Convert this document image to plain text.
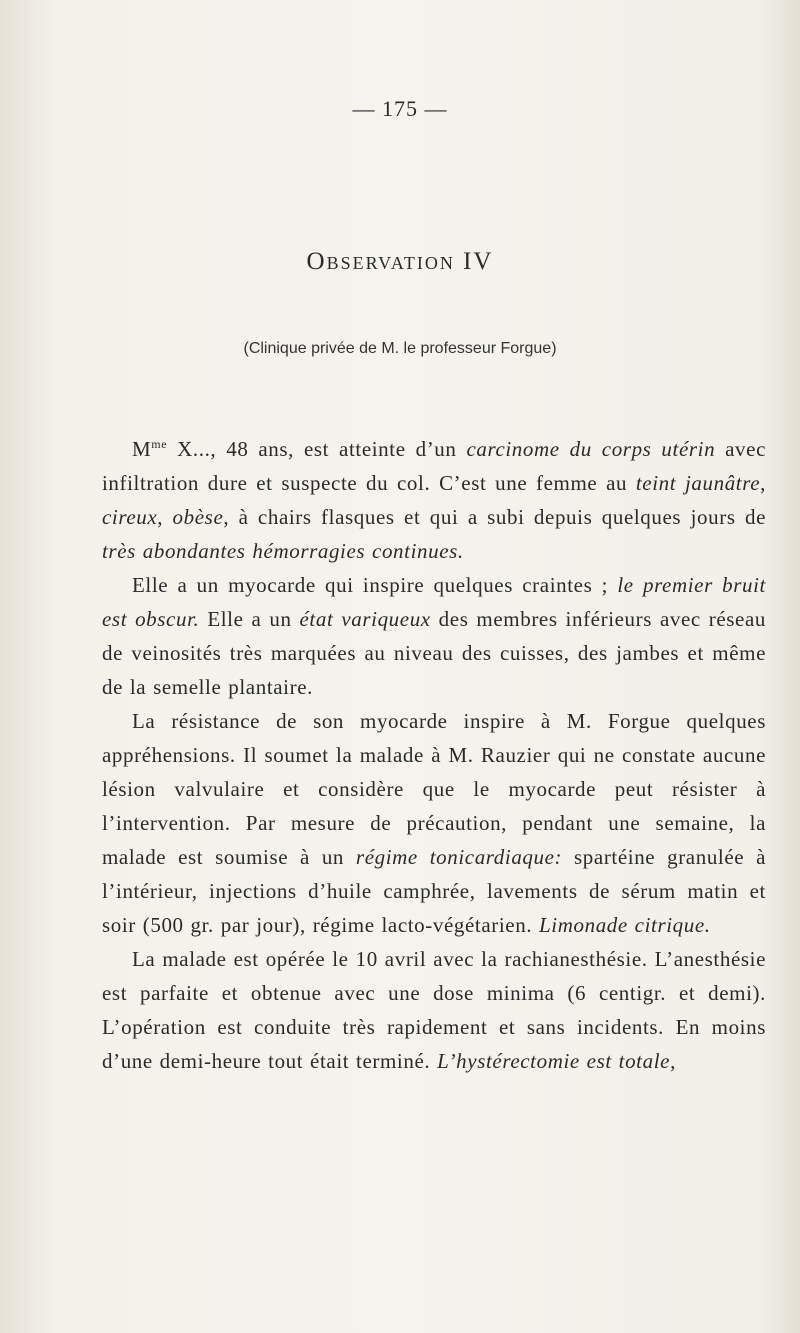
— 175 —
Observation IV
(Clinique privée de M. le professeur Forgue)

$M^{me}$ X..., 48 ans, est atteinte d’un carcinome du corps utérin avec infiltration dure et suspecte du col. C’est une femme au teint jaunâtre, cireux, obèse, à chairs flasques et qui a subi depuis quelques jours de très abondantes hémorragies continues.

Elle a un myocarde qui inspire quelques craintes ; le premier bruit est obscur. Elle a un état variqueux des membres inférieurs avec réseau de veinosités très marquées au niveau des cuisses, des jambes et même de la semelle plantaire.

La résistance de son myocarde inspire à M. Forgue quelques appréhensions. Il soumet la malade à M. Rauzier qui ne constate aucune lésion valvulaire et considère que le myocarde peut résister à l’intervention. Par mesure de précaution, pendant une semaine, la malade est soumise à un régime tonicardiaque: spartéine granulée à l’intérieur, injections d’huile camphrée, lavements de sérum matin et soir (500 gr. par jour), régime lacto-végétarien. Limonade citrique.

La malade est opérée le 10 avril avec la rachianesthésie. L’anesthésie est parfaite et obtenue avec une dose minima (6 centigr. et demi). L’opération est conduite très rapidement et sans incidents. En moins d’une demi-heure tout était terminé. L’hystérectomie est totale,
